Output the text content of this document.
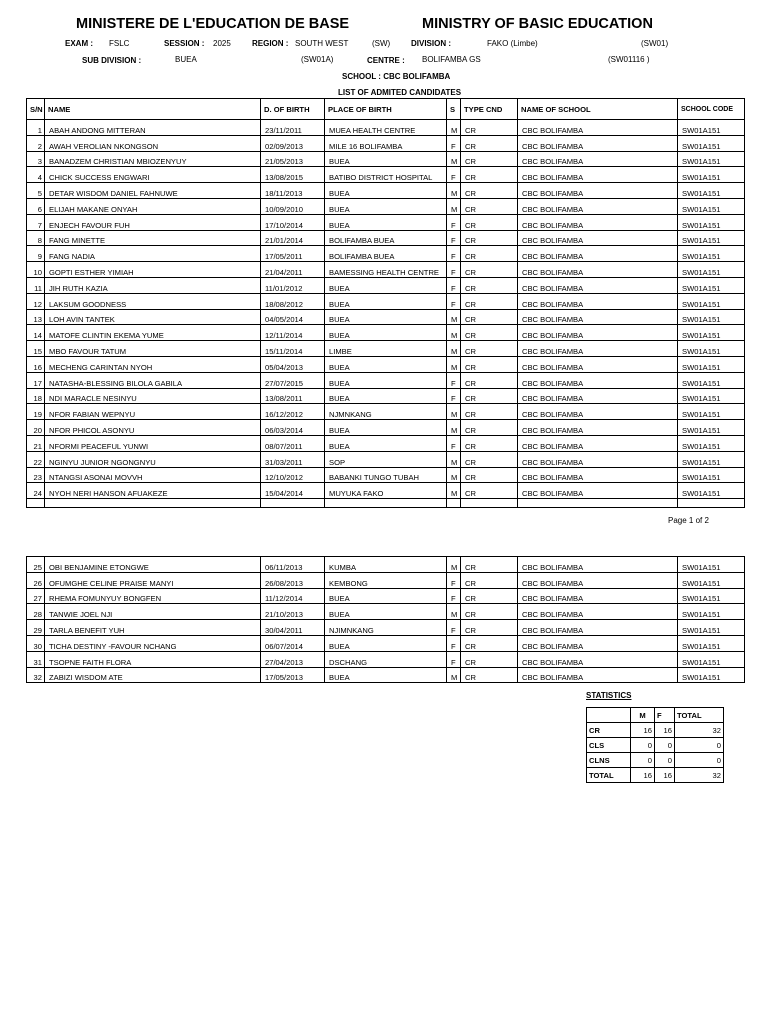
MINISTERE DE L'EDUCATION DE BASE	MINISTRY OF BASIC EDUCATION
EXAM : FSLC	SESSION : 2025	REGION : SOUTH WEST	(SW)	DIVISION :	FAKO (Limbe)	(SW01)
SUB DIVISION :	BUEA	(SW01A)	CENTRE : BOLIFAMBA GS	(SW01116 )
SCHOOL : CBC BOLIFAMBA
LIST OF ADMITED CANDIDATES
S/N	NAME	D. OF BIRTH	PLACE OF BIRTH	S	TYPE CND	NAME OF SCHOOL	SCHOOL CODE
1	ABAH ANDONG MITTERAN	23/11/2011	MUEA HEALTH CENTRE	M	CR	CBC BOLIFAMBA	SW01A151
2	AWAH VEROLIAN NKONGSON	02/09/2013	MILE 16 BOLIFAMBA	F	CR	CBC BOLIFAMBA	SW01A151
3	BANADZEM CHRISTIAN MBIOZENYUY	21/05/2013	BUEA	M	CR	CBC BOLIFAMBA	SW01A151
4	CHICK SUCCESS ENGWARI	13/08/2015	BATIBO DISTRICT HOSPITAL	F	CR	CBC BOLIFAMBA	SW01A151
5	DETAR WISDOM DANIEL FAHNUWE	18/11/2013	BUEA	M	CR	CBC BOLIFAMBA	SW01A151
6	ELIJAH MAKANE ONYAH	10/09/2010	BUEA	M	CR	CBC BOLIFAMBA	SW01A151
7	ENJECH FAVOUR FUH	17/10/2014	BUEA	F	CR	CBC BOLIFAMBA	SW01A151
8	FANG MINETTE	21/01/2014	BOLIFAMBA BUEA	F	CR	CBC BOLIFAMBA	SW01A151
9	FANG NADIA	17/05/2011	BOLIFAMBA BUEA	F	CR	CBC BOLIFAMBA	SW01A151
10	GOPTI ESTHER YIMIAH	21/04/2011	BAMESSING HEALTH CENTRE	F	CR	CBC BOLIFAMBA	SW01A151
11	JIH RUTH KAZIA	11/01/2012	BUEA	F	CR	CBC BOLIFAMBA	SW01A151
12	LAKSUM GOODNESS	18/08/2012	BUEA	F	CR	CBC BOLIFAMBA	SW01A151
13	LOH AVIN TANTEK	04/05/2014	BUEA	M	CR	CBC BOLIFAMBA	SW01A151
14	MATOFE CLINTIN EKEMA YUME	12/11/2014	BUEA	M	CR	CBC BOLIFAMBA	SW01A151
15	MBO FAVOUR TATUM	15/11/2014	LIMBE	M	CR	CBC BOLIFAMBA	SW01A151
16	MECHENG CARINTAN NYOH	05/04/2013	BUEA	M	CR	CBC BOLIFAMBA	SW01A151
17	NATASHA-BLESSING BILOLA GABILA	27/07/2015	BUEA	F	CR	CBC BOLIFAMBA	SW01A151
18	NDI MARACLE NESINYU	13/08/2011	BUEA	F	CR	CBC BOLIFAMBA	SW01A151
19	NFOR FABIAN WEPNYU	16/12/2012	NJMNKANG	M	CR	CBC BOLIFAMBA	SW01A151
20	NFOR PHICOL ASONYU	06/03/2014	BUEA	M	CR	CBC BOLIFAMBA	SW01A151
21	NFORMI PEACEFUL YUNWI	08/07/2011	BUEA	F	CR	CBC BOLIFAMBA	SW01A151
22	NGINYU JUNIOR NGONGNYU	31/03/2011	SOP	M	CR	CBC BOLIFAMBA	SW01A151
23	NTANGSI ASONAI MOVVH	12/10/2012	BABANKI TUNGO TUBAH	M	CR	CBC BOLIFAMBA	SW01A151
24	NYOH NERI HANSON AFUAKEZE	15/04/2014	MUYUKA FAKO	M	CR	CBC BOLIFAMBA	SW01A151

Page 1 of 2
25	OBI BENJAMINE ETONGWE	06/11/2013	KUMBA	M	CR	CBC BOLIFAMBA	SW01A151
26	OFUMGHE CELINE PRAISE MANYI	26/08/2013	KEMBONG	F	CR	CBC BOLIFAMBA	SW01A151
27	RHEMA FOMUNYUY BONGFEN	11/12/2014	BUEA	F	CR	CBC BOLIFAMBA	SW01A151
28	TANWIE JOEL NJI	21/10/2013	BUEA	M	CR	CBC BOLIFAMBA	SW01A151
29	TARLA BENEFIT YUH	30/04/2011	NJIMNKANG	F	CR	CBC BOLIFAMBA	SW01A151
30	TICHA DESTINY -FAVOUR NCHANG	06/07/2014	BUEA	F	CR	CBC BOLIFAMBA	SW01A151
31	TSOPNE FAITH FLORA	27/04/2013	DSCHANG	F	CR	CBC BOLIFAMBA	SW01A151
32	ZABIZI WISDOM ATE	17/05/2013	BUEA	M	CR	CBC BOLIFAMBA	SW01A151
STATISTICS
	M	F	TOTAL
CR	16	16	32
CLS	0	0	0
CLNS	0	0	0
TOTAL	16	16	32
